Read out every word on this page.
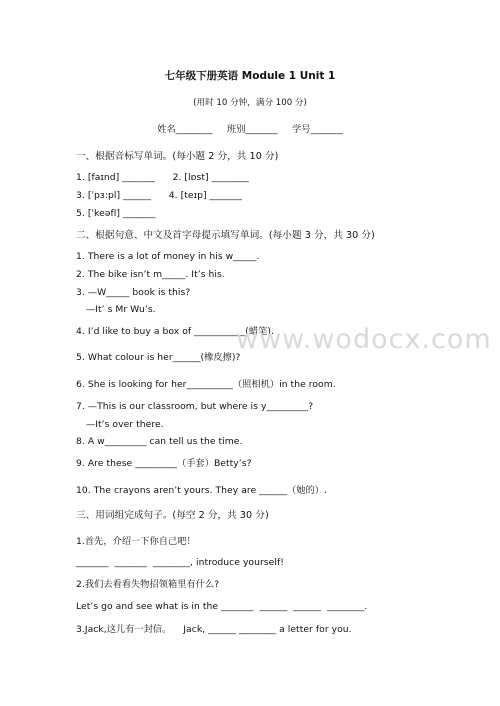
七年级下册英语 Module 1 Unit 1
(用时 10 分钟，满分 100 分)
姓名________     班别_______     学号_______
一、根据音标写单词。(每小题 2 分，共 10 分)
1. [faɪnd] _______      2. [lɒst] ________
3. [ˈpɜ:pl] ______      4. [teɪp] _______
5. [ˈkeəfl] _______
二、根据句意、中文及首字母提示填写单词。(每小题 3 分，共 30 分)
1. There is a lot of money in his w_____.
2. The bike isn’t m_____. It’s his.
3. —W_____ book is this?
—It’ s Mr Wu’s.
4. I’d like to buy a box of ___________(蜡笔).
5. What colour is her______(橡皮擦)?
6. She is looking for her__________（照相机）in the room.
7. —This is our classroom, but where is y_________?
—It’s over there.
8. A w_________ can tell us the time.
9. Are these _________（手套）Betty’s?
10. The crayons aren’t yours. They are ______（她的）.
三、用词组完成句子。(每空 2 分，共 30 分)
1.首先，介绍一下你自己吧！
_______  _______  ________, introduce yourself!
2.我们去看看失物招领箱里有什么?
Let’s go and see what is in the _______  ______  ______  ________.
3.Jack,这儿有一封信。    Jack, ______ ________ a letter for you.
www.wodocx.com
